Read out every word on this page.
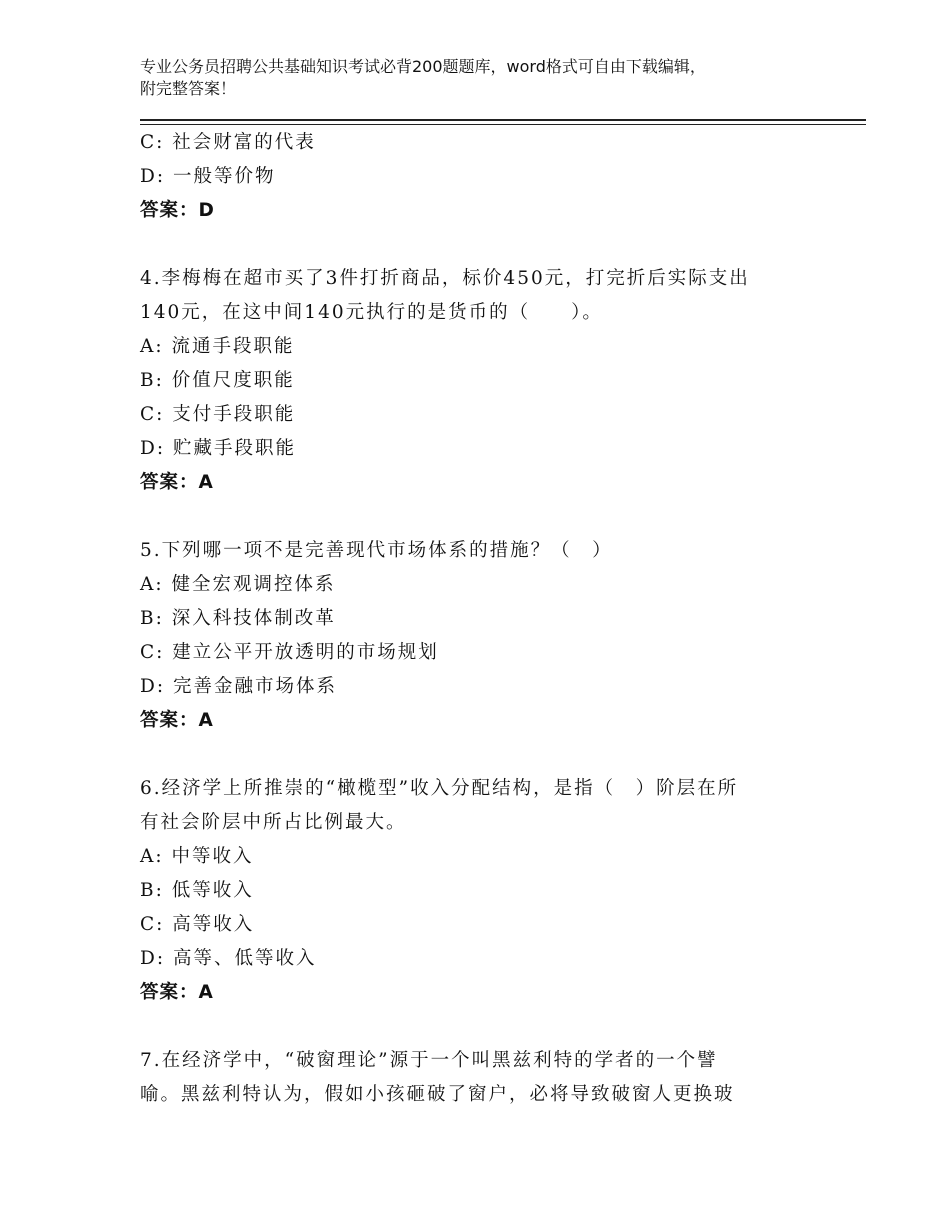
专业公务员招聘公共基础知识考试必背200题题库，word格式可自由下载编辑，
附完整答案！
C: 社会财富的代表
D: 一般等价物
答案：D
4.李梅梅在超市买了3件打折商品，标价450元，打完折后实际支出
140元，在这中间140元执行的是货币的（　　）。
A: 流通手段职能
B: 价值尺度职能
C: 支付手段职能
D: 贮藏手段职能
答案：A
5.下列哪一项不是完善现代市场体系的措施？（　）
A: 健全宏观调控体系
B: 深入科技体制改革
C: 建立公平开放透明的市场规划
D: 完善金融市场体系
答案：A
6.经济学上所推崇的“橄榄型”收入分配结构，是指（　）阶层在所
有社会阶层中所占比例最大。
A: 中等收入
B: 低等收入
C: 高等收入
D: 高等、低等收入
答案：A
7.在经济学中，“破窗理论”源于一个叫黑兹利特的学者的一个譬
喻。黑兹利特认为，假如小孩砸破了窗户，必将导致破窗人更换玻
